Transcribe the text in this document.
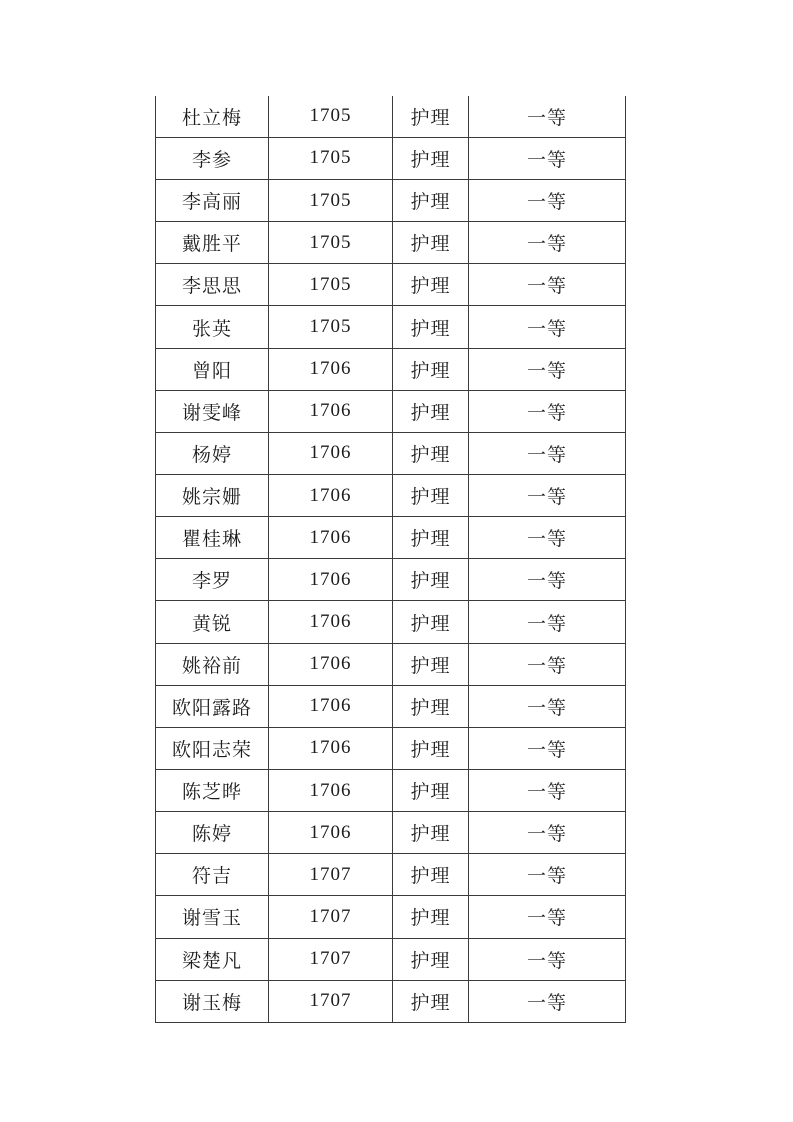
杜立梅	1705	护理	一等
李参	1705	护理	一等
李高丽	1705	护理	一等
戴胜平	1705	护理	一等
李思思	1705	护理	一等
张英	1705	护理	一等
曾阳	1706	护理	一等
谢雯峰	1706	护理	一等
杨婷	1706	护理	一等
姚宗姗	1706	护理	一等
瞿桂琳	1706	护理	一等
李罗	1706	护理	一等
黄锐	1706	护理	一等
姚裕前	1706	护理	一等
欧阳露路	1706	护理	一等
欧阳志荣	1706	护理	一等
陈芝晔	1706	护理	一等
陈婷	1706	护理	一等
符吉	1707	护理	一等
谢雪玉	1707	护理	一等
梁楚凡	1707	护理	一等
谢玉梅	1707	护理	一等
